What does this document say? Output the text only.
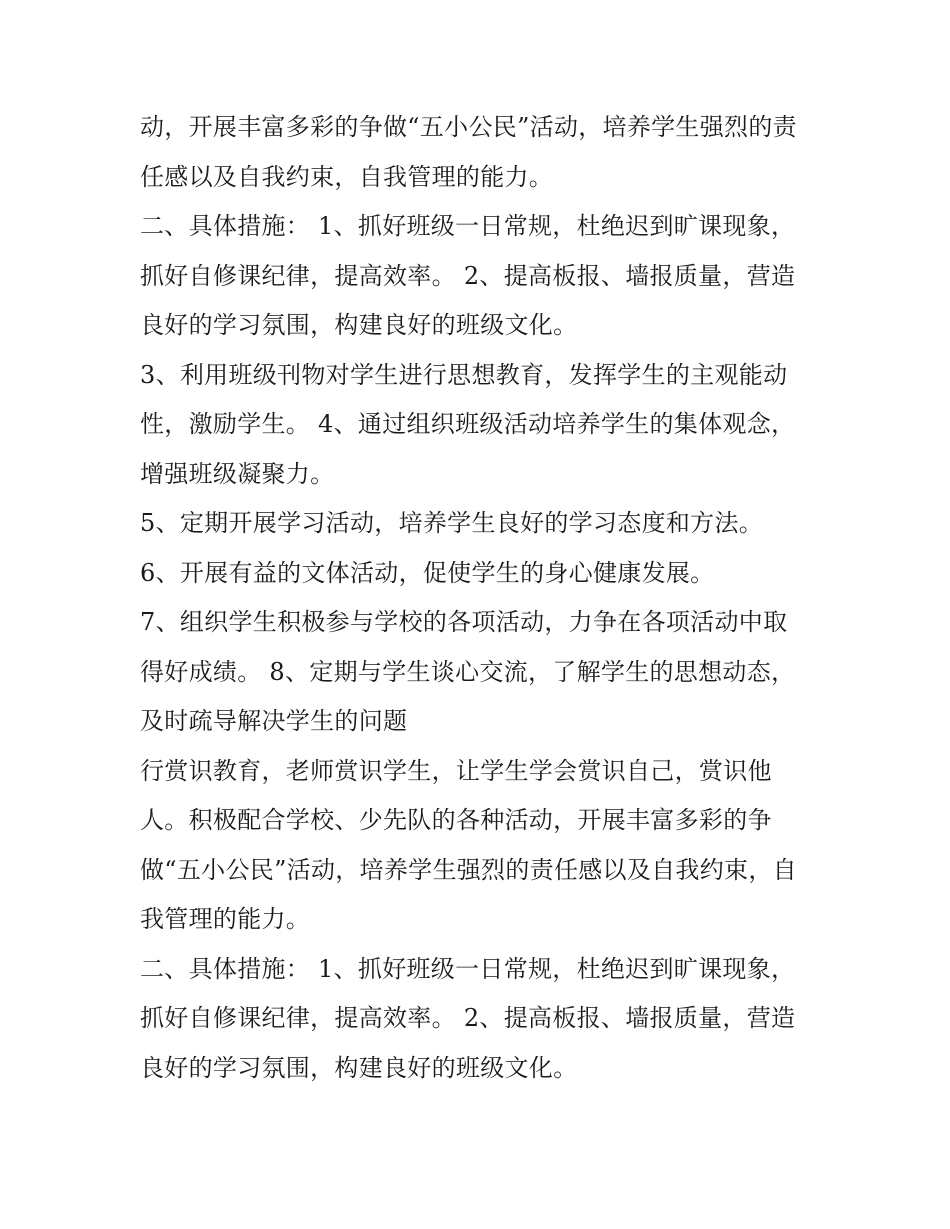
动，开展丰富多彩的争做“五小公民”活动，培养学生强烈的责
任感以及自我约束，自我管理的能力。
二、具体措施： 1、抓好班级一日常规，杜绝迟到旷课现象，
抓好自修课纪律，提高效率。 2、提高板报、墙报质量，营造
良好的学习氛围，构建良好的班级文化。
3、利用班级刊物对学生进行思想教育，发挥学生的主观能动
性，激励学生。 4、通过组织班级活动培养学生的集体观念，
增强班级凝聚力。
5、定期开展学习活动，培养学生良好的学习态度和方法。
6、开展有益的文体活动，促使学生的身心健康发展。
7、组织学生积极参与学校的各项活动，力争在各项活动中取
得好成绩。 8、定期与学生谈心交流，了解学生的思想动态，
及时疏导解决学生的问题
行赏识教育，老师赏识学生，让学生学会赏识自己，赏识他
人。积极配合学校、少先队的各种活动，开展丰富多彩的争
做“五小公民”活动，培养学生强烈的责任感以及自我约束，自
我管理的能力。
二、具体措施： 1、抓好班级一日常规，杜绝迟到旷课现象，
抓好自修课纪律，提高效率。 2、提高板报、墙报质量，营造
良好的学习氛围，构建良好的班级文化。
